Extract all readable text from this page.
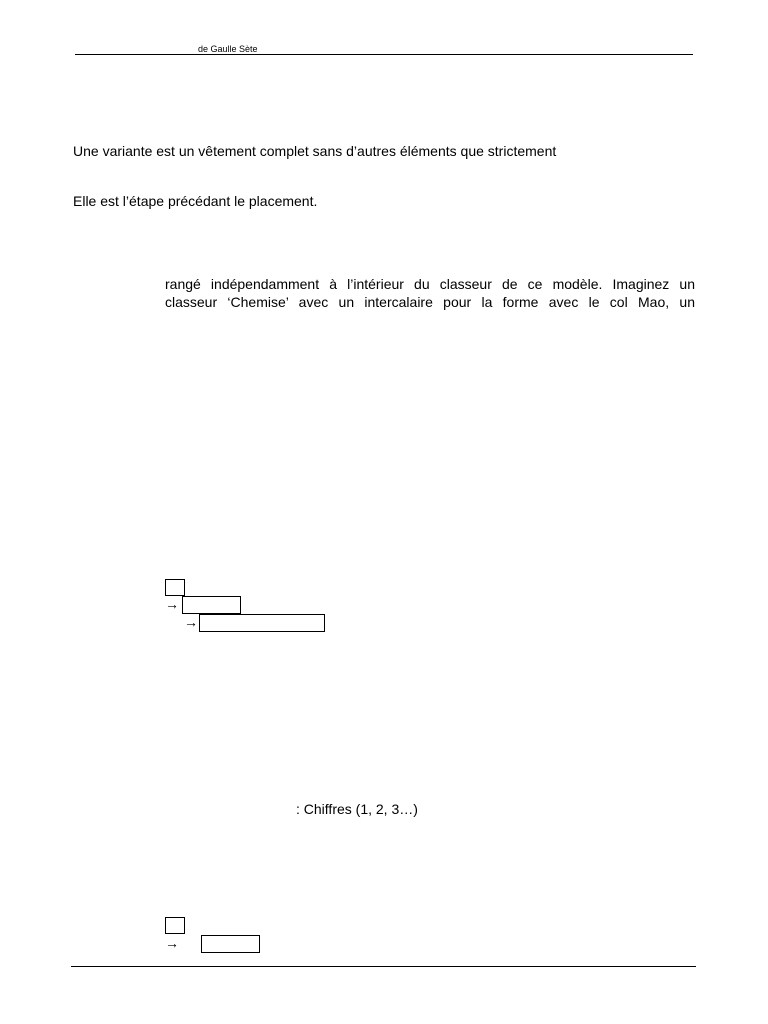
de Gaulle Sète
Une variante est un vêtement complet sans d’autres éléments que strictement
Elle est l’étape précédant le placement.
rangé indépendamment à l’intérieur du classeur de ce modèle. Imaginez un
classeur ‘Chemise’ avec un intercalaire pour la forme avec le col Mao, un
→
→
: Chiffres (1, 2, 3…)
→
